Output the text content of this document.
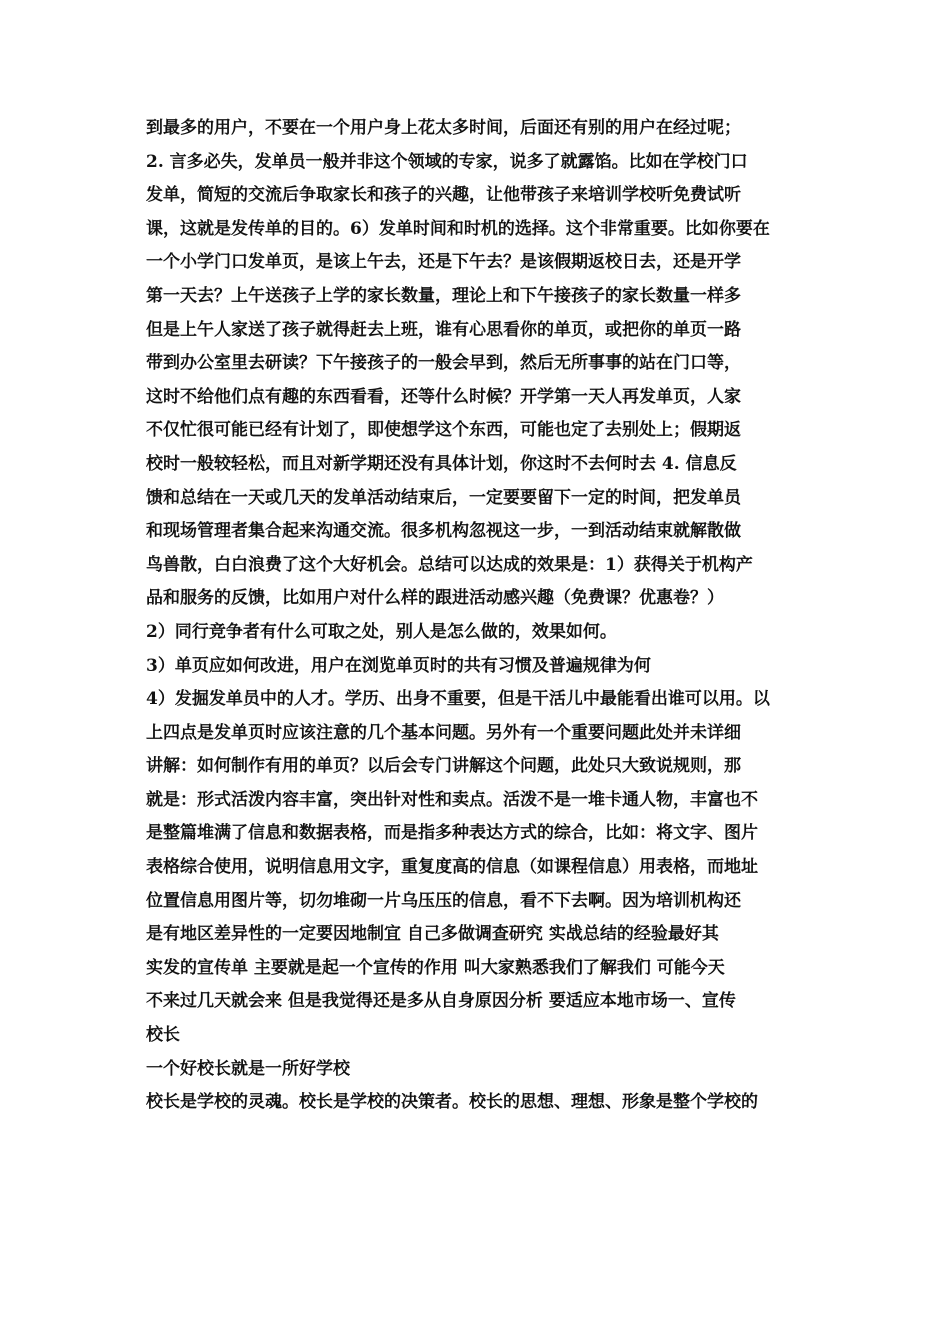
到最多的用户，不要在一个用户身上花太多时间，后面还有别的用户在经过呢；
2. 言多必失，发单员一般并非这个领域的专家，说多了就露馅。比如在学校门口
发单，简短的交流后争取家长和孩子的兴趣，让他带孩子来培训学校听免费试听
课，这就是发传单的目的。6）发单时间和时机的选择。这个非常重要。比如你要在
一个小学门口发单页，是该上午去，还是下午去？是该假期返校日去，还是开学
第一天去？上午送孩子上学的家长数量，理论上和下午接孩子的家长数量一样多
但是上午人家送了孩子就得赶去上班，谁有心思看你的单页，或把你的单页一路
带到办公室里去研读？下午接孩子的一般会早到，然后无所事事的站在门口等，
这时不给他们点有趣的东西看看，还等什么时候？开学第一天人再发单页，人家
不仅忙很可能已经有计划了，即使想学这个东西，可能也定了去别处上；假期返
校时一般较轻松，而且对新学期还没有具体计划，你这时不去何时去 4. 信息反
馈和总结在一天或几天的发单活动结束后，一定要要留下一定的时间，把发单员
和现场管理者集合起来沟通交流。很多机构忽视这一步，一到活动结束就解散做
鸟兽散，白白浪费了这个大好机会。总结可以达成的效果是：1）获得关于机构产
品和服务的反馈，比如用户对什么样的跟进活动感兴趣（免费课？优惠卷？）
2）同行竞争者有什么可取之处，别人是怎么做的，效果如何。
3）单页应如何改进，用户在浏览单页时的共有习惯及普遍规律为何
4）发掘发单员中的人才。学历、出身不重要，但是干活儿中最能看出谁可以用。以
上四点是发单页时应该注意的几个基本问题。另外有一个重要问题此处并未详细
讲解：如何制作有用的单页？以后会专门讲解这个问题，此处只大致说规则，那
就是：形式活泼内容丰富，突出针对性和卖点。活泼不是一堆卡通人物，丰富也不
是整篇堆满了信息和数据表格，而是指多种表达方式的综合，比如：将文字、图片
表格综合使用，说明信息用文字，重复度高的信息（如课程信息）用表格，而地址
位置信息用图片等，切勿堆砌一片乌压压的信息，看不下去啊。因为培训机构还
是有地区差异性的一定要因地制宜 自己多做调查研究 实战总结的经验最好其
实发的宣传单 主要就是起一个宣传的作用 叫大家熟悉我们了解我们 可能今天
不来过几天就会来 但是我觉得还是多从自身原因分析 要适应本地市场一、宣传
校长
一个好校长就是一所好学校
校长是学校的灵魂。校长是学校的决策者。校长的思想、理想、形象是整个学校的
